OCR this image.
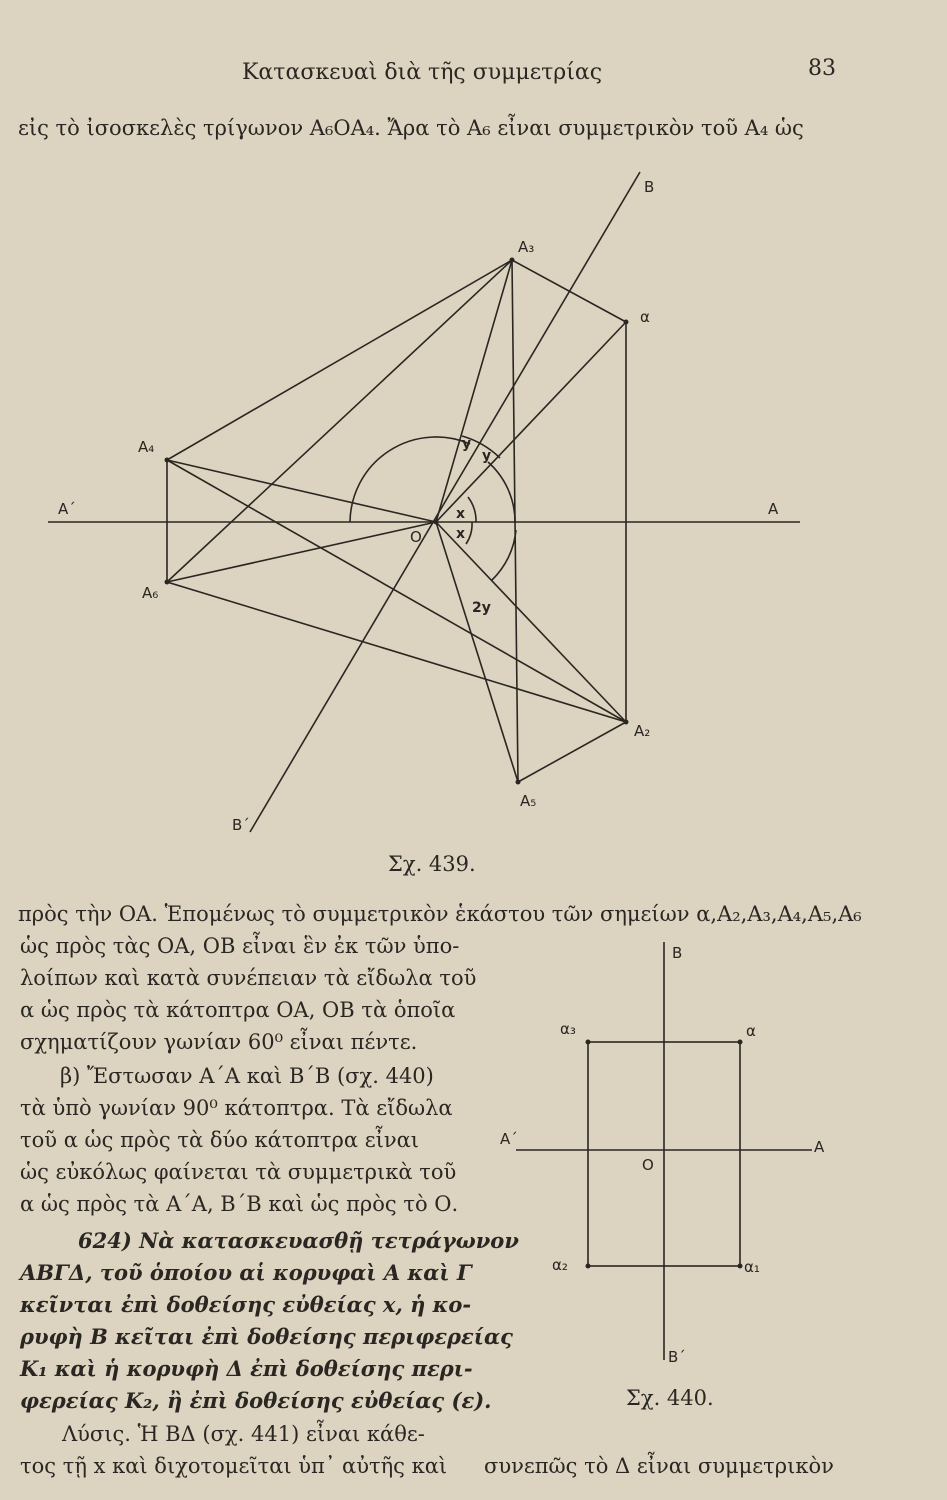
Κατασκευαὶ διὰ τῆς συμμετρίας	83
εἰς τὸ ἰσοσκελὲς τρίγωνον Α₆ΟΑ₄. Ἄρα τὸ Α₆ εἶναι συμμετρικὸν τοῦ Α₄ ὡς
B
A₃
α
A₄
A΄
O
A
A₆
A₂
A₅
B΄
x
x
y
y
2y
Σχ. 439.
πρὸς τὴν ΟΑ. Ἑπομένως τὸ συμμετρικὸν ἑκάστου τῶν σημείων α,Α₂,Α₃,Α₄,Α₅,Α₆
ὡς πρὸς τὰς ΟΑ, ΟΒ εἶναι ἓν ἐκ τῶν ὑπο-
λοίπων καὶ κατὰ συνέπειαν τὰ εἴδωλα τοῦ
α ὡς πρὸς τὰ κάτοπτρα ΟΑ, ΟΒ τὰ ὁποῖα
σχηματίζουν γωνίαν 60⁰ εἶναι πέντε.
β) Ἔστωσαν Α΄Α καὶ Β΄Β (σχ. 440)
τὰ ὑπὸ γωνίαν 90⁰ κάτοπτρα. Τὰ εἴδωλα
τοῦ α ὡς πρὸς τὰ δύο κάτοπτρα εἶναι
ὡς εὐκόλως φαίνεται τὰ συμμετρικὰ τοῦ
α ὡς πρὸς τὰ Α΄Α, Β΄Β καὶ ὡς πρὸς τὸ Ο.
624) Νὰ κατασκευασθῇ τετράγωνον
ΑΒΓΔ, τοῦ ὁποίου αἱ κορυφαὶ Α καὶ Γ
κεῖνται ἐπὶ δοθείσης εὐθείας x, ἡ κο-
ρυφὴ Β κεῖται ἐπὶ δοθείσης περιφερείας
Κ₁ καὶ ἡ κορυφὴ Δ ἐπὶ δοθείσης περι-
φερείας Κ₂, ἢ ἐπὶ δοθείσης εὐθείας (ε).
Λύσις. Ἡ ΒΔ (σχ. 441) εἶναι κάθε-
τος τῇ x καὶ διχοτομεῖται ὑπ᾽ αὐτῆς καὶ συνεπῶς τὸ Δ εἶναι συμμετρικὸν
B
α₃	α
A΄	A
O
α₂	α₁
B΄
Σχ. 440.
